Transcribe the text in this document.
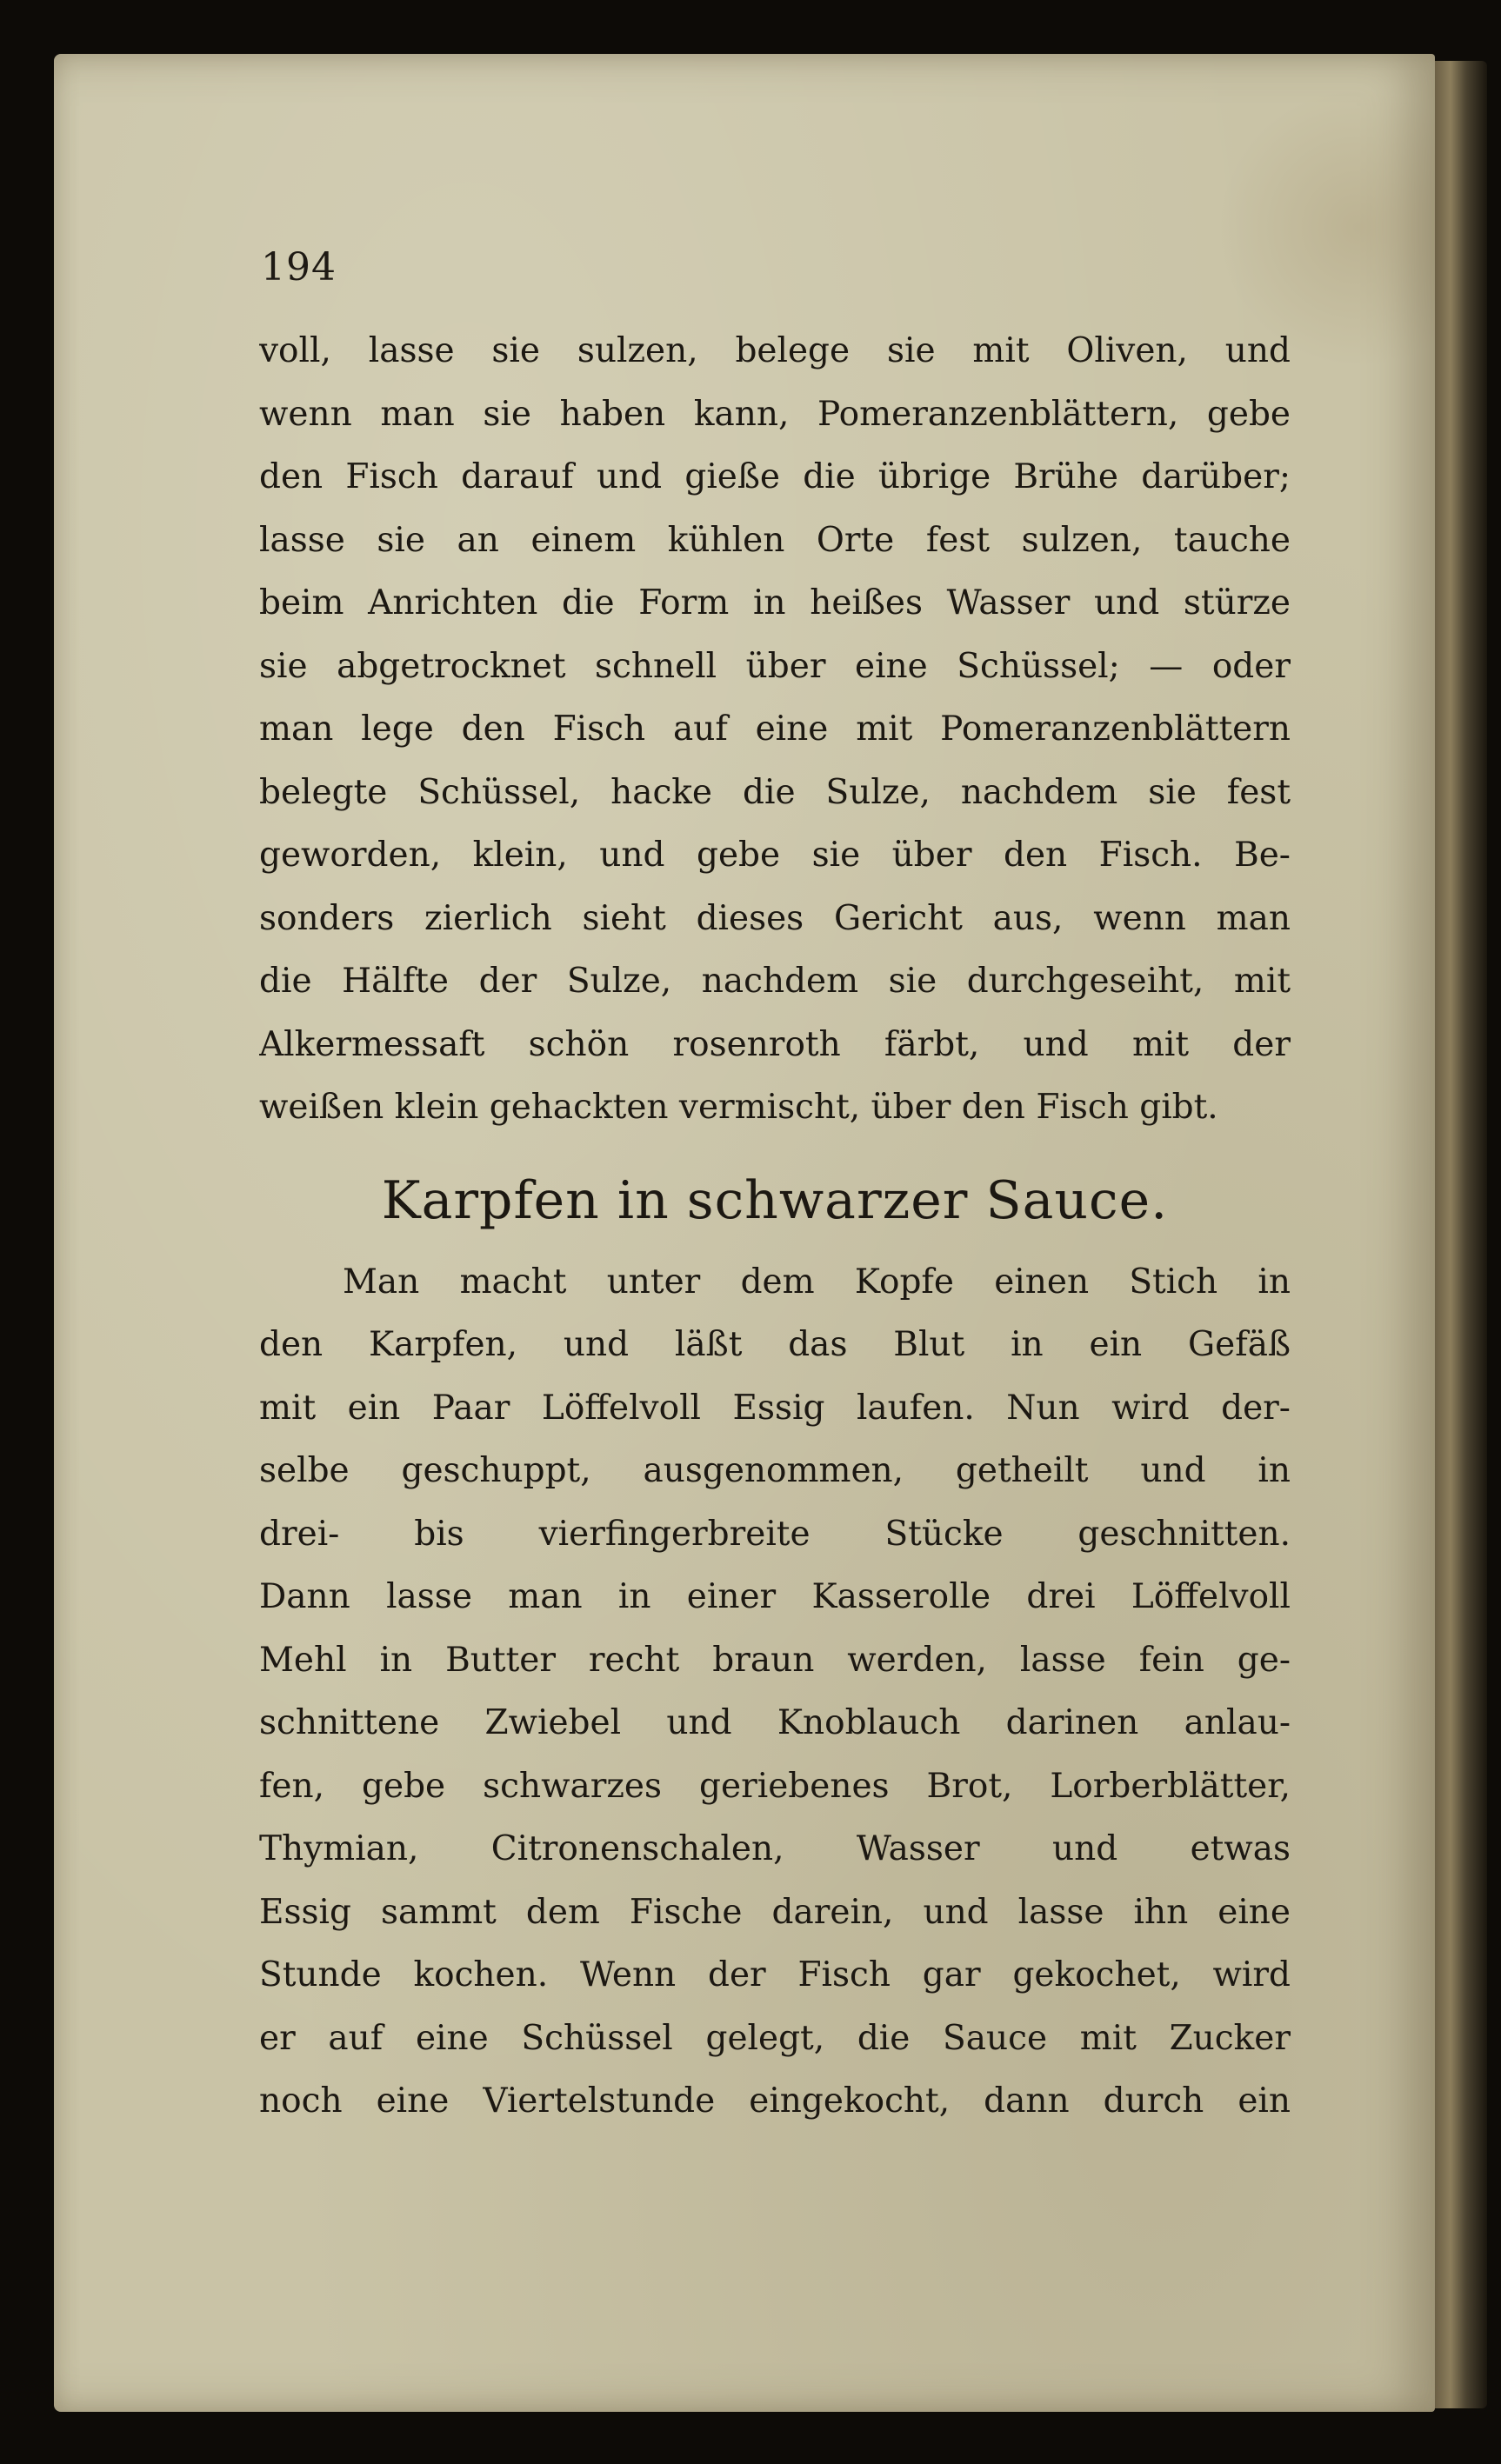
194
voll, lasse sie sulzen, belege sie mit Oliven, und
wenn man sie haben kann, Pomeranzenblättern, gebe
den Fisch darauf und gieße die übrige Brühe darüber;
lasse sie an einem kühlen Orte fest sulzen, tauche
beim Anrichten die Form in heißes Wasser und stürze
sie abgetrocknet schnell über eine Schüssel; — oder
man lege den Fisch auf eine mit Pomeranzenblättern
belegte Schüssel, hacke die Sulze, nachdem sie fest
geworden, klein, und gebe sie über den Fisch. Be-
sonders zierlich sieht dieses Gericht aus, wenn man
die Hälfte der Sulze, nachdem sie durchgeseiht, mit
Alkermessaft schön rosenroth färbt, und mit der
weißen klein gehackten vermischt, über den Fisch gibt.
Karpfen in schwarzer Sauce.
Man macht unter dem Kopfe einen Stich in
den Karpfen, und läßt das Blut in ein Gefäß
mit ein Paar Löffelvoll Essig laufen. Nun wird der-
selbe geschuppt, ausgenommen, getheilt und in
drei- bis vierfingerbreite Stücke geschnitten.
Dann lasse man in einer Kasserolle drei Löffelvoll
Mehl in Butter recht braun werden, lasse fein ge-
schnittene Zwiebel und Knoblauch darinen anlau-
fen, gebe schwarzes geriebenes Brot, Lorberblätter,
Thymian, Citronenschalen, Wasser und etwas
Essig sammt dem Fische darein, und lasse ihn eine
Stunde kochen. Wenn der Fisch gar gekochet, wird
er auf eine Schüssel gelegt, die Sauce mit Zucker
noch eine Viertelstunde eingekocht, dann durch ein
